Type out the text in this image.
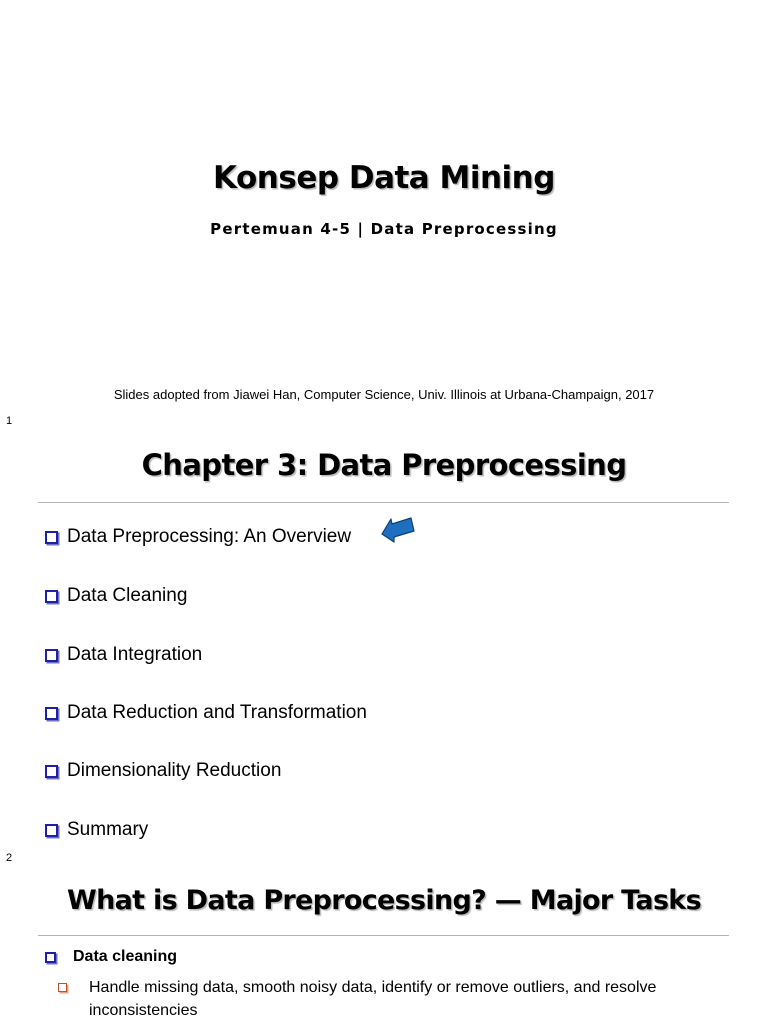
Konsep Data Mining
Pertemuan 4-5 | Data Preprocessing
Slides adopted from Jiawei Han, Computer Science, Univ. Illinois at Urbana-Champaign, 2017
1
Chapter 3: Data Preprocessing
Data Preprocessing: An Overview
Data Cleaning
Data Integration
Data Reduction and Transformation
Dimensionality Reduction
Summary
2
What is Data Preprocessing? — Major Tasks
Data cleaning
Handle missing data, smooth noisy data, identify or remove outliers, and resolve inconsistencies
